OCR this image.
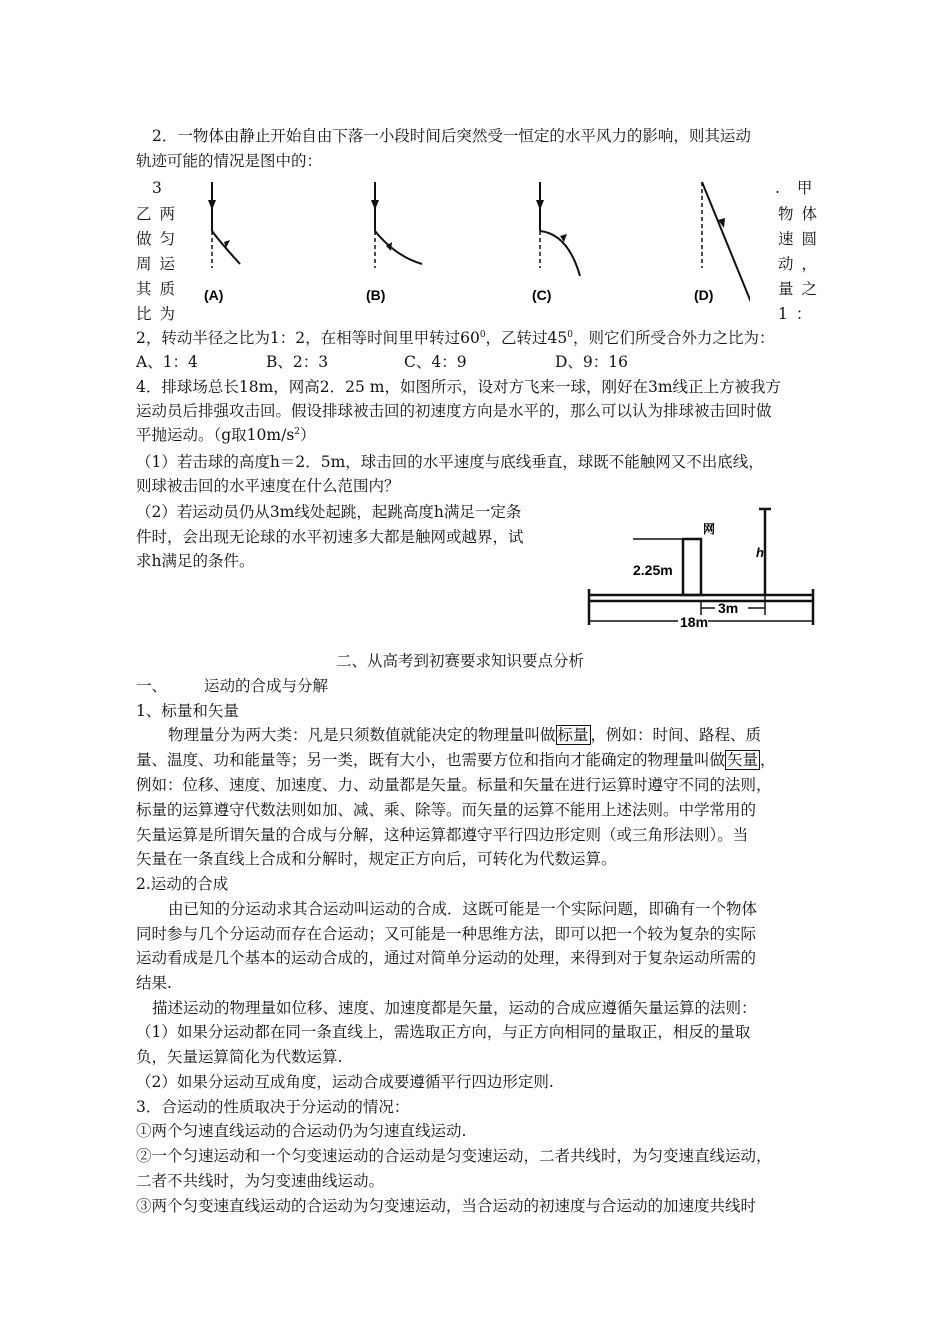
2．一物体由静止开始自由下落一小段时间后突然受一恒定的水平风力的影响，则其运动
轨迹可能的情况是图中的：
3
乙两
做匀
周运
其质
比为
. 甲
物体
速圆
动，
量之
1：
(A)	(B)	(C)	(D)
2，转动半径之比为1：2，在相等时间里甲转过$60^0$，乙转过$45^0$，则它们所受合外力之比为：
A、1：4	B、2：3	C、4：9	D、9：16
4．排球场总长18m，网高2．25 m，如图所示，设对方飞来一球，刚好在3m线正上方被我方
运动员后排强攻击回。假设排球被击回的初速度方向是水平的，那么可以认为排球被击回时做
平抛运动。（g取$10m/s^2$）
（1）若击球的高度h＝2．5m，球击回的水平速度与底线垂直，球既不能触网又不出底线，
则球被击回的水平速度在什么范围内？
（2）若运动员仍从3m线处起跳，起跳高度h满足一定条
件时，会出现无论球的水平初速多大都是触网或越界，试
求h满足的条件。
网
2.25m
h
3m
18m
二、从高考到初赛要求知识要点分析
一、 运动的合成与分解
1、标量和矢量
物理量分为两大类：凡是只须数值就能决定的物理量叫做 标量 ，例如：时间、路程、质
量、温度、功和能量等；另一类，既有大小，也需要方位和指向才能确定的物理量叫做 矢量 ，
例如：位移、速度、加速度、力、动量都是矢量。标量和矢量在进行运算时遵守不同的法则，
标量的运算遵守代数法则如加、减、乘、除等。而矢量的运算不能用上述法则。中学常用的
矢量运算是所谓矢量的合成与分解，这种运算都遵守平行四边形定则（或三角形法则）。当
矢量在一条直线上合成和分解时，规定正方向后，可转化为代数运算。
2.运动的合成
由已知的分运动求其合运动叫运动的合成．这既可能是一个实际问题，即确有一个物体
同时参与几个分运动而存在合运动；又可能是一种思维方法，即可以把一个较为复杂的实际
运动看成是几个基本的运动合成的，通过对简单分运动的处理，来得到对于复杂运动所需的
结果.
描述运动的物理量如位移、速度、加速度都是矢量，运动的合成应遵循矢量运算的法则：
（1）如果分运动都在同一条直线上，需选取正方向，与正方向相同的量取正，相反的量取
负，矢量运算简化为代数运算.
（2）如果分运动互成角度，运动合成要遵循平行四边形定则.
3．合运动的性质取决于分运动的情况：
①两个匀速直线运动的合运动仍为匀速直线运动.
②一个匀速运动和一个匀变速运动的合运动是匀变速运动，二者共线时，为匀变速直线运动，
二者不共线时，为匀变速曲线运动。
③两个匀变速直线运动的合运动为匀变速运动，当合运动的初速度与合运动的加速度共线时
